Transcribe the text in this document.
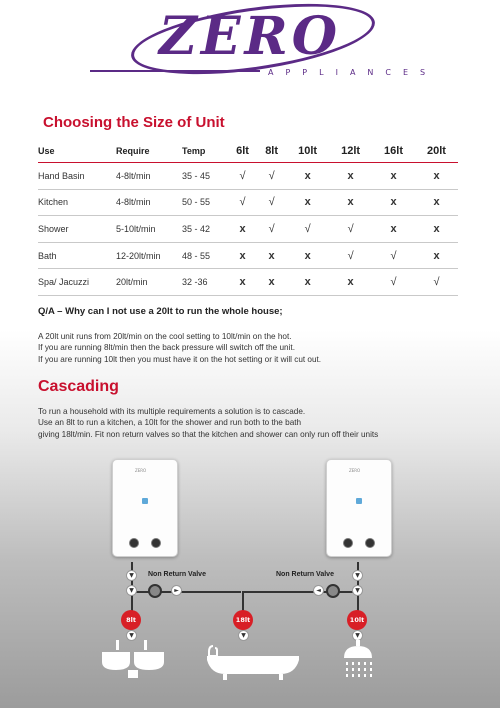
ZERO
APPLIANCES
Choosing the Size of Unit
Use	Require	Temp	6lt	8lt	10lt	12lt	16lt	20lt
Hand Basin	4-8lt/min	35 - 45	√	√	x	x	x	x
Kitchen	4-8lt/min	50 - 55	√	√	x	x	x	x
Shower	5-10lt/min	35 - 42	x	√	√	√	x	x
Bath	12-20lt/min	48 - 55	x	x	x	√	√	x
Spa/ Jacuzzi	20lt/min	32 -36	x	x	x	x	√	√
Q/A – Why can I not use a 20lt to run the whole house;
A 20lt unit runs from 20lt/min on the cool setting to 10lt/min on the hot.
If you are running 8lt/min then the back pressure will switch off the unit.
If you are running 10lt then you must have it on the hot setting or it will cut out.
Cascading
To run a household with its multiple requirements a solution is to cascade.
Use an 8lt to run a kitchen, a 10lt for the shower and run both to the bath
giving 18lt/min. Fit non return valves so that the kitchen and shower can only run off their units
ZERO	ZERO
▼	▼
▼	▼
►	◄
Non Return Valve	Non Return Valve
8lt	18lt	10lt
▼	▼	▼
